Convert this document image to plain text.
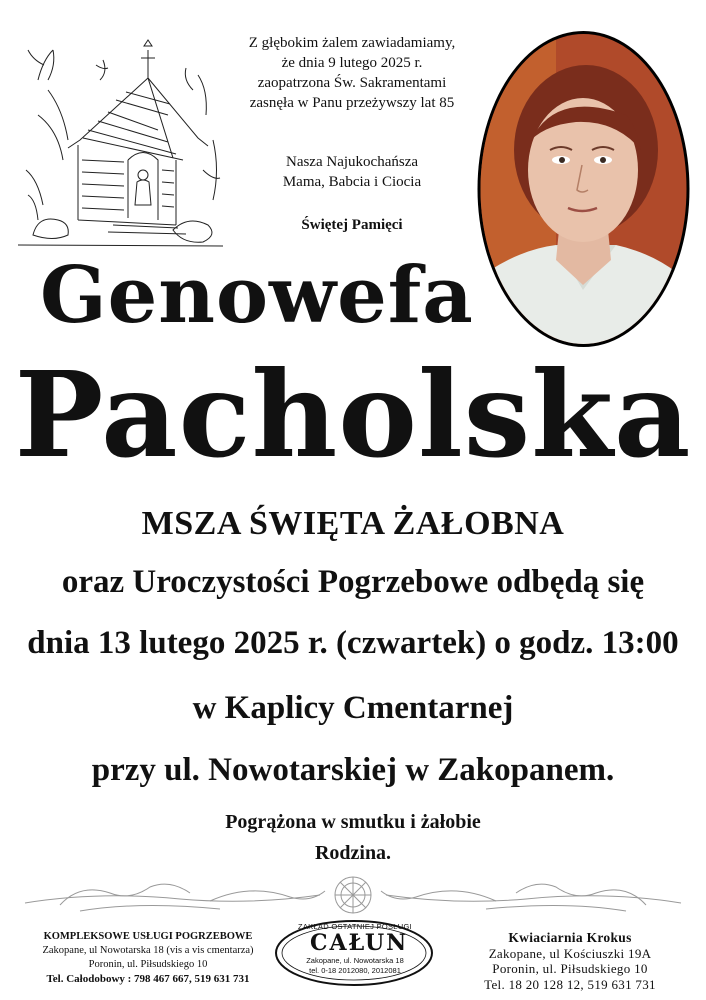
Z głębokim żalem zawiadamiamy,
że dnia 9 lutego 2025 r.
zaopatrzona Św. Sakramentami
zasnęła w Panu przeżywszy lat 85
Nasza Najukochańsza
Mama, Babcia i Ciocia
Świętej Pamięci
Genowefa
Pacholska
MSZA ŚWIĘTA ŻAŁOBNA
oraz Uroczystości Pogrzebowe odbędą się
dnia 13 lutego 2025 r. (czwartek) o godz. 13:00
w Kaplicy Cmentarnej
przy ul. Nowotarskiej w Zakopanem.
Pogrążona w smutku i żałobie
Rodzina.
KOMPLEKSOWE USŁUGI POGRZEBOWE
Zakopane, ul Nowotarska 18 (vis a vis cmentarza)
Poronin, ul. Piłsudskiego 10
Tel. Całodobowy : 798 467 667, 519 631 731
ZAKŁAD OSTATNIEJ POSŁUGI
CAŁUN
Zakopane, ul. Nowotarska 18
tel. 0-18 2012080, 2012081
Kwiaciarnia Krokus
Zakopane, ul Kościuszki 19A
Poronin, ul. Piłsudskiego 10
Tel. 18 20 128 12, 519 631 731
